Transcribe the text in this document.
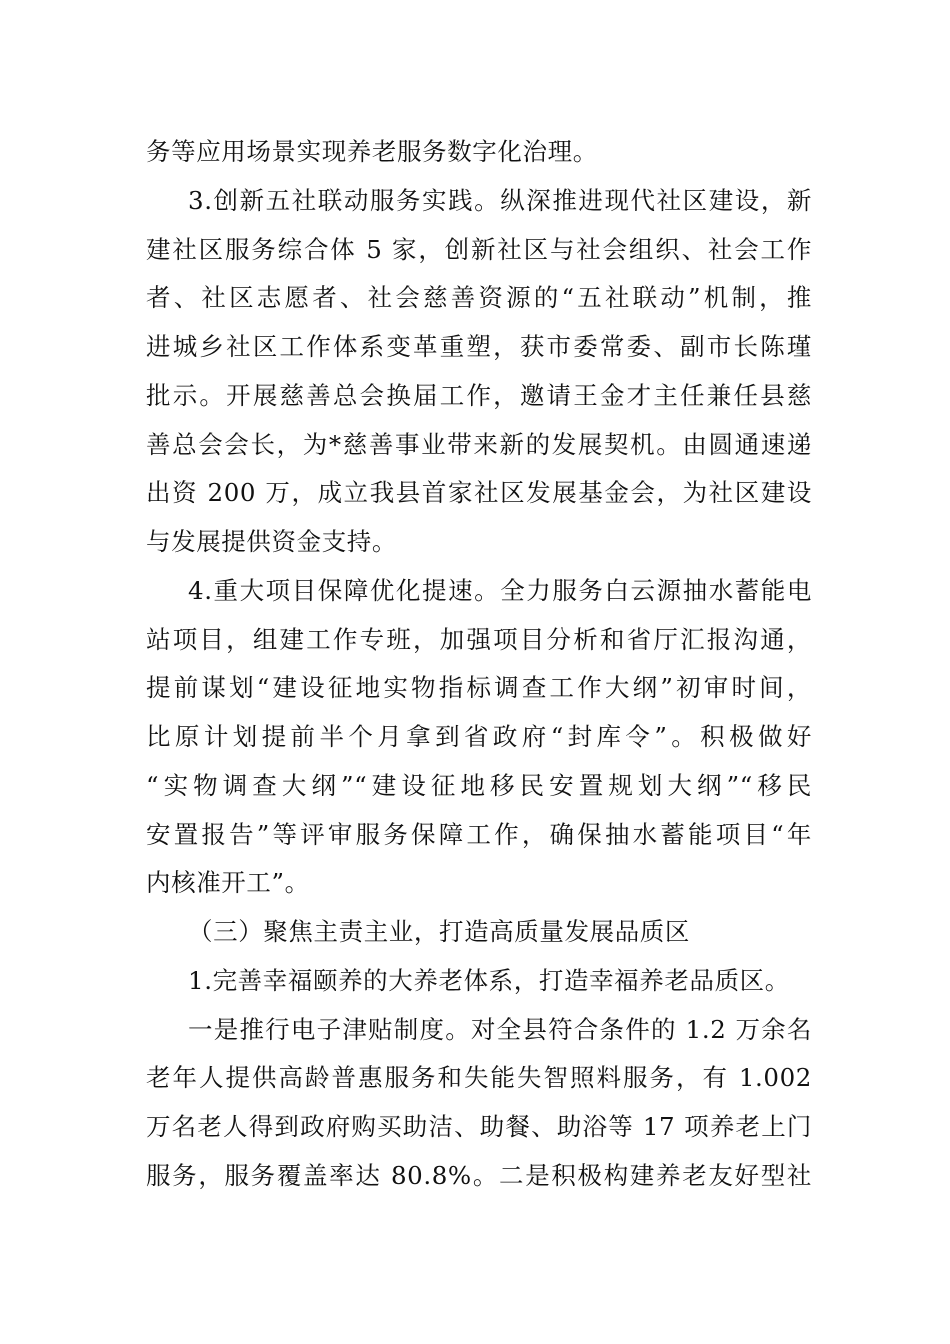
务等应用场景实现养老服务数字化治理。
3.创新五社联动服务实践。纵深推进现代社区建设，新
建社区服务综合体 5 家，创新社区与社会组织、社会工作
者、社区志愿者、社会慈善资源的“五社联动”机制，推
进城乡社区工作体系变革重塑，获市委常委、副市长陈瑾
批示。开展慈善总会换届工作，邀请王金才主任兼任县慈
善总会会长，为*慈善事业带来新的发展契机。由圆通速递
出资 200 万，成立我县首家社区发展基金会，为社区建设
与发展提供资金支持。
4.重大项目保障优化提速。全力服务白云源抽水蓄能电
站项目，组建工作专班，加强项目分析和省厅汇报沟通，
提前谋划“建设征地实物指标调查工作大纲”初审时间，
比原计划提前半个月拿到省政府“封库令”。积极做好
“实物调查大纲”“建设征地移民安置规划大纲”“移民
安置报告”等评审服务保障工作，确保抽水蓄能项目“年
内核准开工”。
（三）聚焦主责主业，打造高质量发展品质区
1.完善幸福颐养的大养老体系，打造幸福养老品质区。
一是推行电子津贴制度。对全县符合条件的 1.2 万余名
老年人提供高龄普惠服务和失能失智照料服务，有 1.002
万名老人得到政府购买助洁、助餐、助浴等 17 项养老上门
服务，服务覆盖率达 80.8%。二是积极构建养老友好型社
